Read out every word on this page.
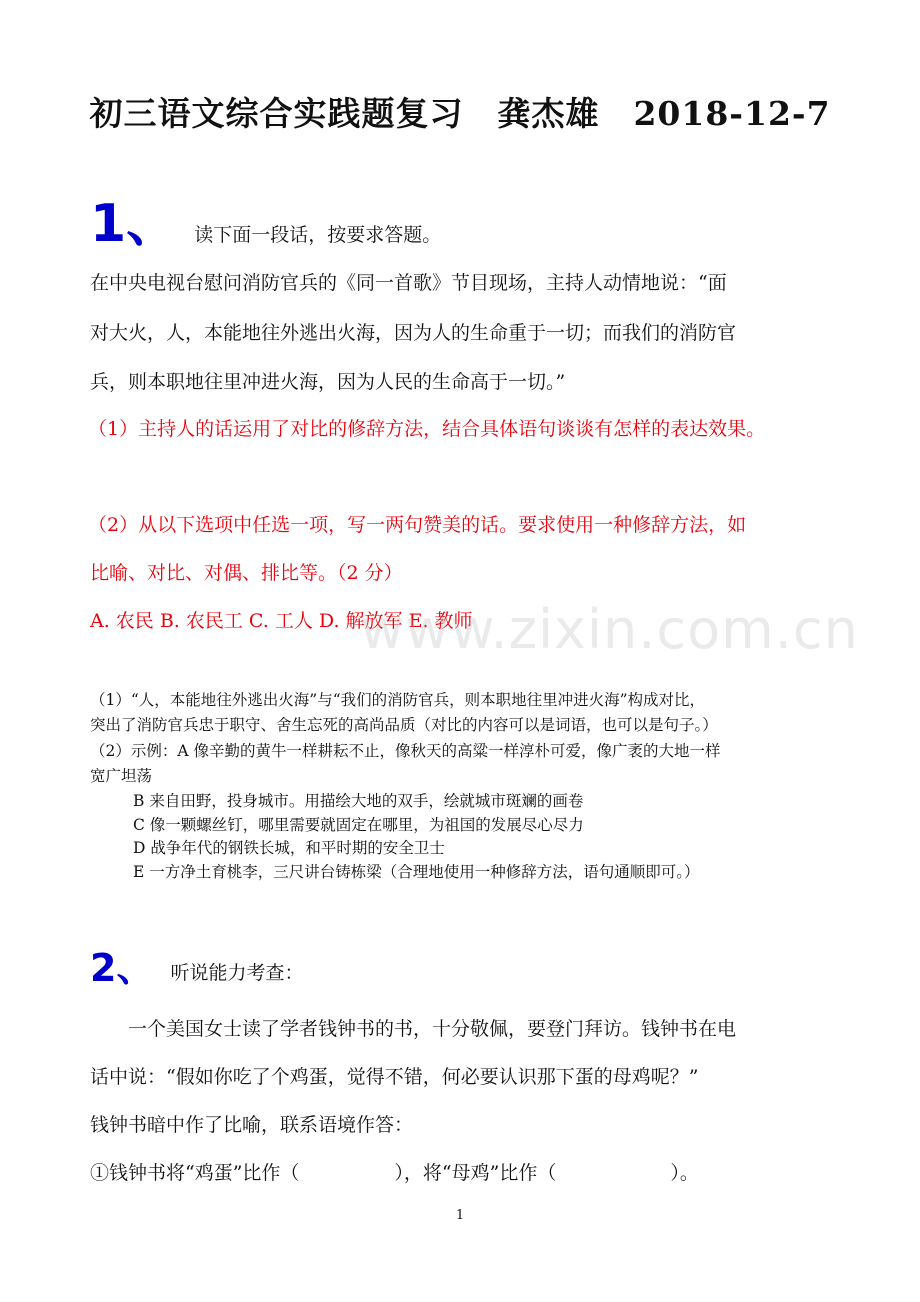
初三语文综合实践题复习　龚杰雄　2018-12-7
1、 读下面一段话，按要求答题。
在中央电视台慰问消防官兵的《同一首歌》节目现场，主持人动情地说：“面
对大火，人，本能地往外逃出火海，因为人的生命重于一切；而我们的消防官
兵，则本职地往里冲进火海，因为人民的生命高于一切。”
（1）主持人的话运用了对比的修辞方法，结合具体语句谈谈有怎样的表达效果。
（2）从以下选项中任选一项，写一两句赞美的话。要求使用一种修辞方法，如
比喻、对比、对偶、排比等。（2 分）
A. 农民 B. 农民工 C. 工人 D. 解放军 E. 教师
（1）“人，本能地往外逃出火海”与“我们的消防官兵，则本职地往里冲进火海”构成对比，
突出了消防官兵忠于职守、舍生忘死的高尚品质（对比的内容可以是词语，也可以是句子。）
（2）示例：A 像辛勤的黄牛一样耕耘不止，像秋天的高粱一样淳朴可爱，像广袤的大地一样
宽广坦荡
B 来自田野，投身城市。用描绘大地的双手，绘就城市斑斓的画卷
C 像一颗螺丝钉，哪里需要就固定在哪里，为祖国的发展尽心尽力
D 战争年代的钢铁长城，和平时期的安全卫士
E 一方净土育桃李，三尺讲台铸栋梁（合理地使用一种修辞方法，语句通顺即可。）
2、 听说能力考查：
　　一个美国女士读了学者钱钟书的书，十分敬佩，要登门拜访。钱钟书在电
话中说：“假如你吃了个鸡蛋，觉得不错，何必要认识那下蛋的母鸡呢？”
钱钟书暗中作了比喻，联系语境作答：
①钱钟书将“鸡蛋”比作（　　　　　），将“母鸡”比作（　　　　　　）。
www.zixin.com.cn
1
